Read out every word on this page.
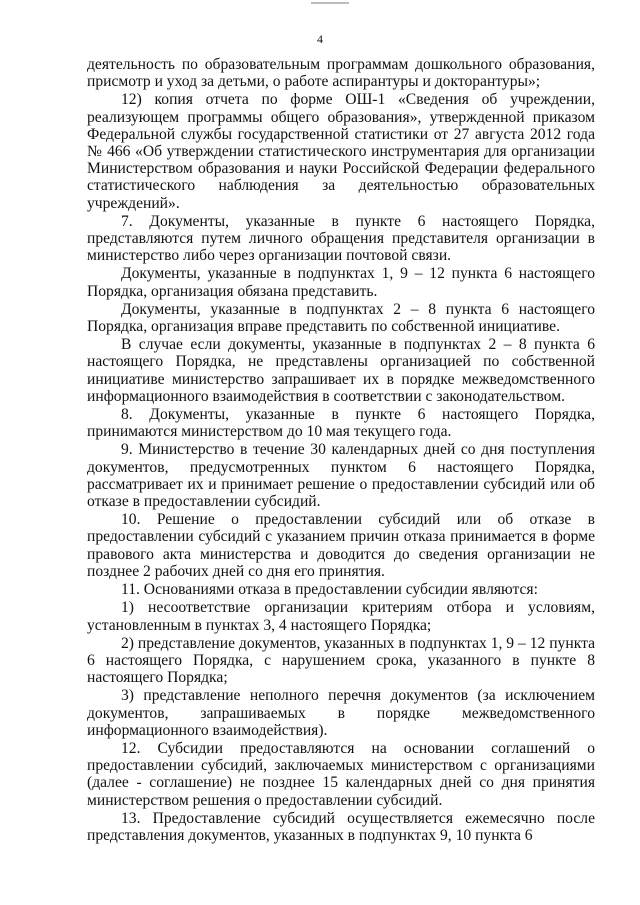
4

деятельность по образовательным программам дошкольного образования, присмотр и уход за детьми, о работе аспирантуры и докторантуры»;

12) копия отчета по форме ОШ-1 «Сведения об учреждении, реализующем программы общего образования», утвержденной приказом Федеральной службы государственной статистики от 27 августа 2012 года № 466 «Об утверждении статистического инструментария для организации Министерством образования и науки Российской Федерации федерального статистического наблюдения за деятельностью образовательных учреждений».

7. Документы, указанные в пункте 6 настоящего Порядка, представляются путем личного обращения представителя организации в министерство либо через организации почтовой связи.

Документы, указанные в подпунктах 1, 9 – 12 пункта 6 настоящего Порядка, организация обязана представить.

Документы, указанные в подпунктах 2 – 8 пункта 6 настоящего Порядка, организация вправе представить по собственной инициативе.

В случае если документы, указанные в подпунктах 2 – 8 пункта 6 настоящего Порядка, не представлены организацией по собственной инициативе министерство запрашивает их в порядке межведомственного информационного взаимодействия в соответствии с законодательством.

8. Документы, указанные в пункте 6 настоящего Порядка, принимаются министерством до 10 мая текущего года.

9. Министерство в течение 30 календарных дней со дня поступления документов, предусмотренных пунктом 6 настоящего Порядка, рассматривает их и принимает решение о предоставлении субсидий или об отказе в предоставлении субсидий.

10. Решение о предоставлении субсидий или об отказе в предоставлении субсидий с указанием причин отказа принимается в форме правового акта министерства и доводится до сведения организации не позднее 2 рабочих дней со дня его принятия.

11. Основаниями отказа в предоставлении субсидии являются:

1) несоответствие организации критериям отбора и условиям, установленным в пунктах 3, 4 настоящего Порядка;

2) представление документов, указанных в подпунктах 1, 9 – 12 пункта 6 настоящего Порядка, с нарушением срока, указанного в пункте 8 настоящего Порядка;

3) представление неполного перечня документов (за исключением документов, запрашиваемых в порядке межведомственного информационного взаимодействия).

12. Субсидии предоставляются на основании соглашений о предоставлении субсидий, заключаемых министерством с организациями (далее - соглашение) не позднее 15 календарных дней со дня принятия министерством решения о предоставлении субсидий.

13. Предоставление субсидий осуществляется ежемесячно после представления документов, указанных в подпунктах 9, 10 пункта 6
